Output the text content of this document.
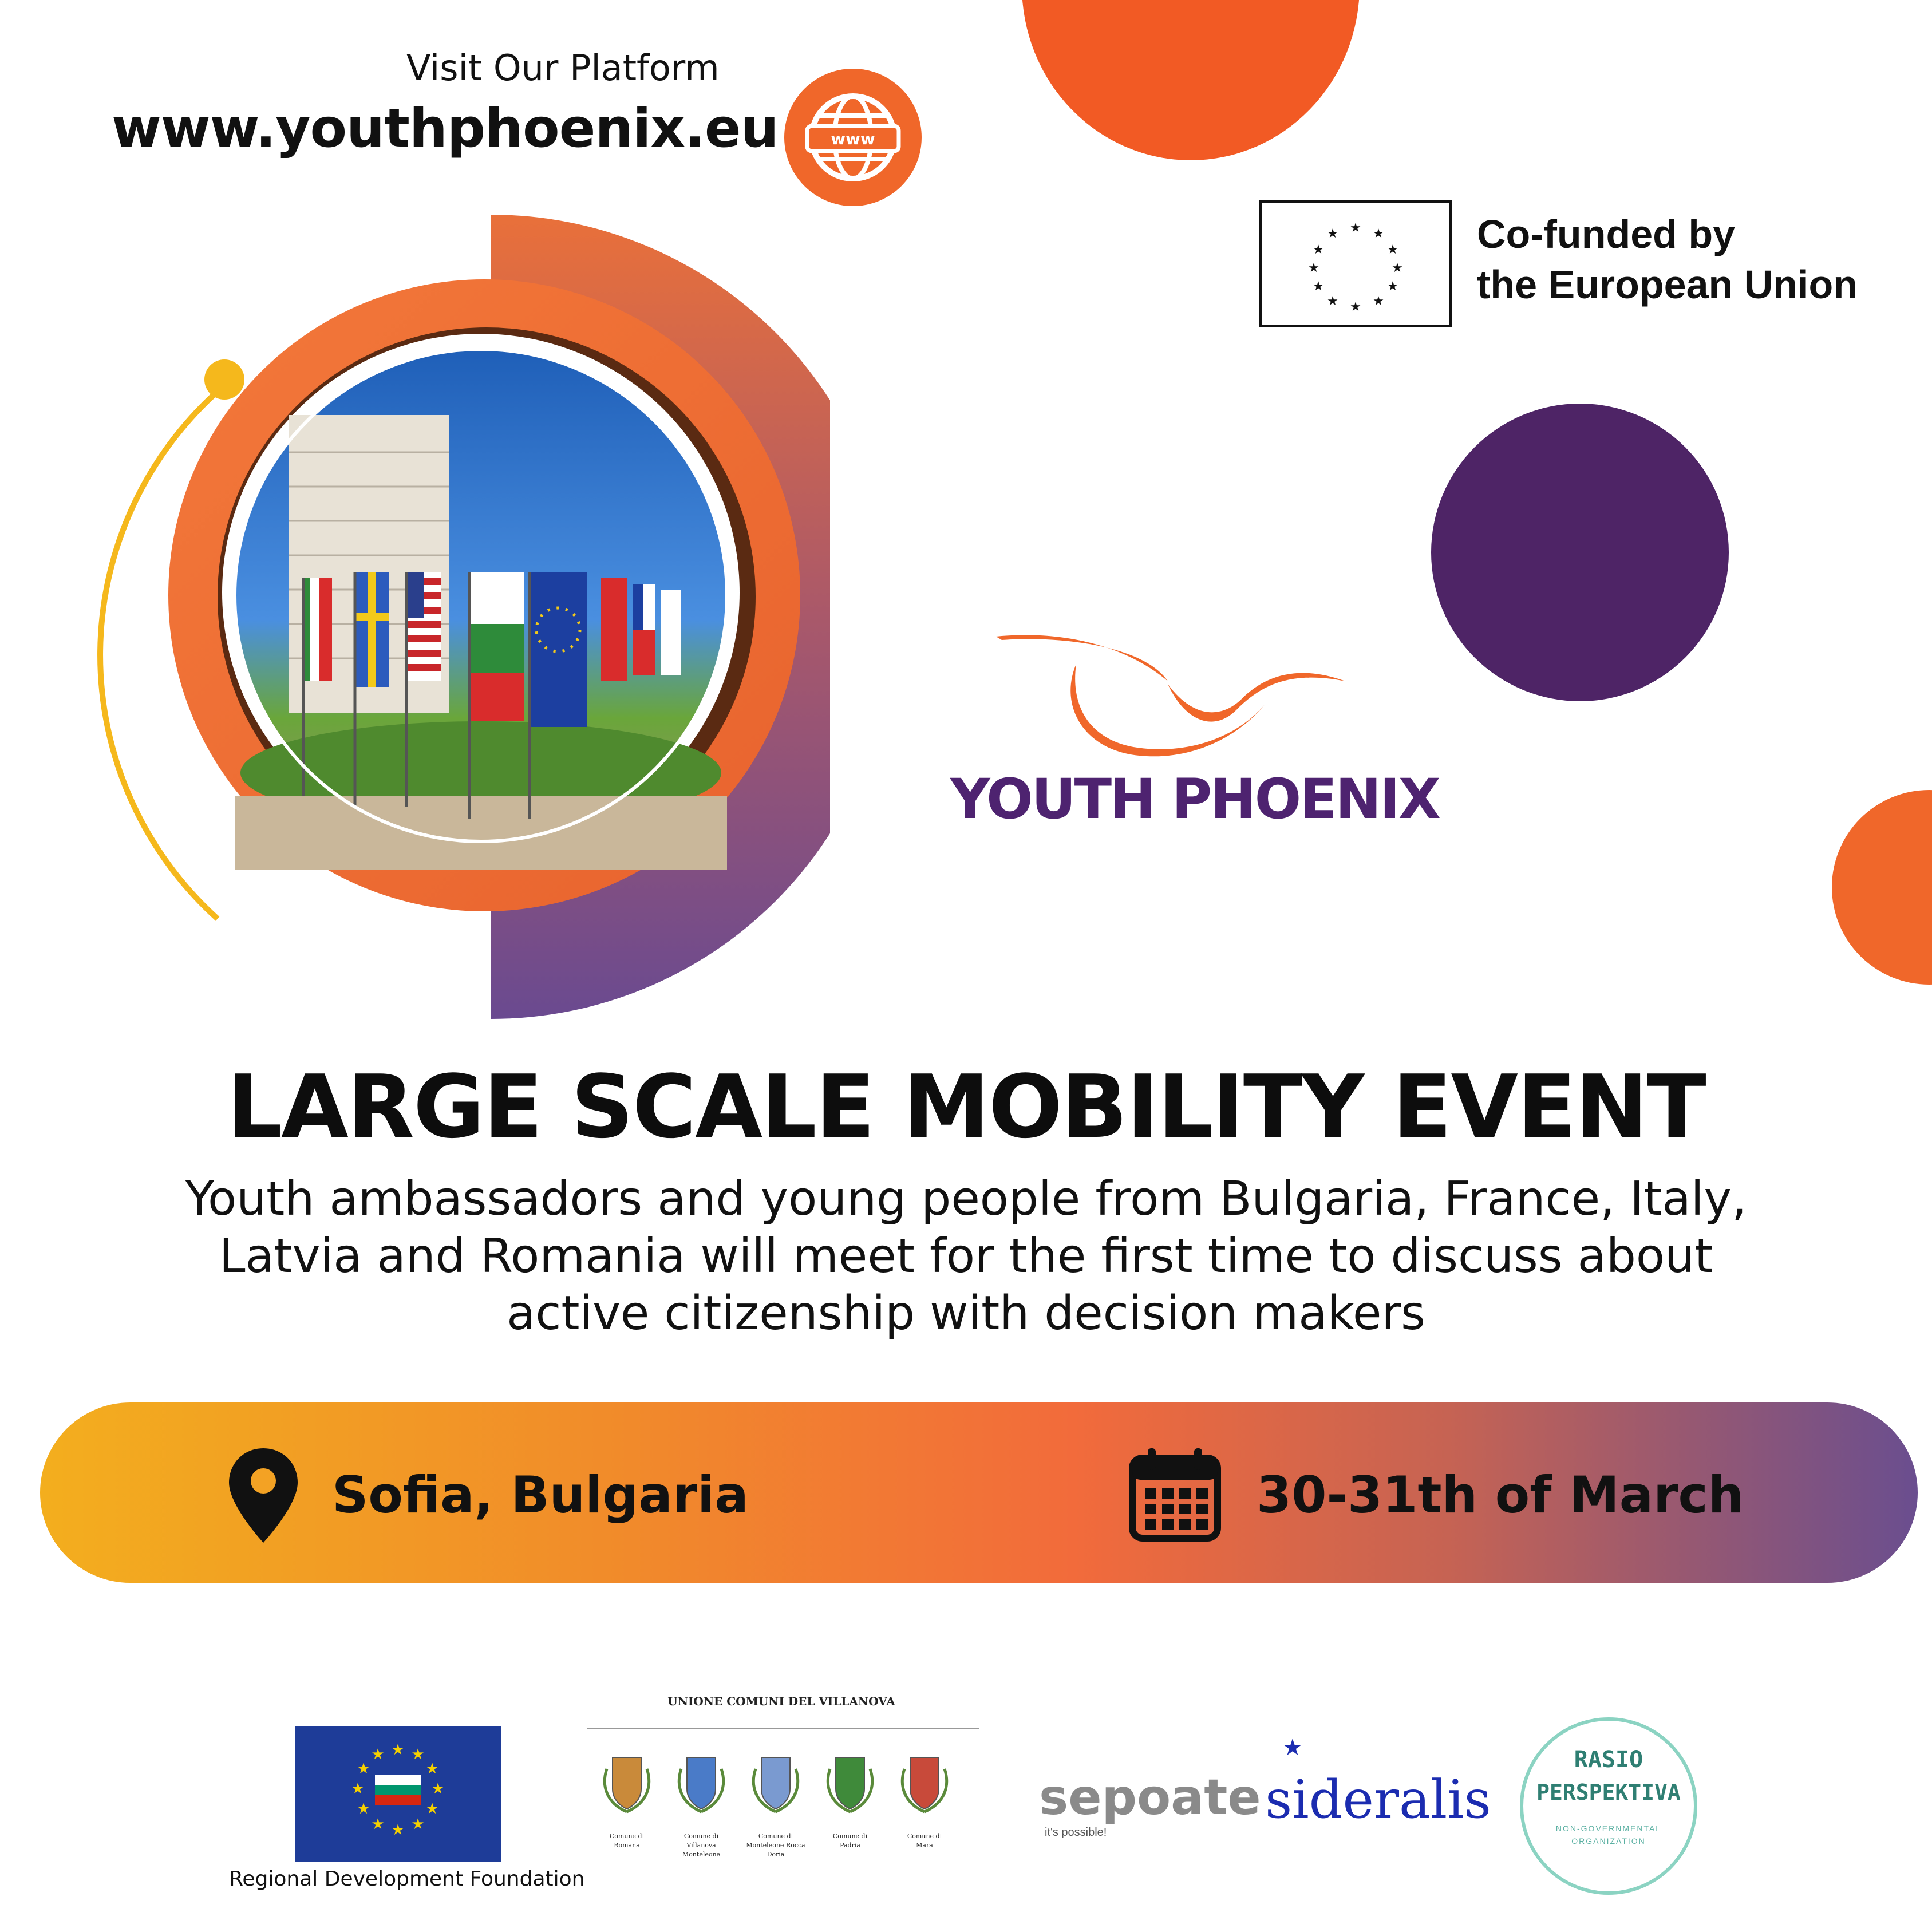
Visit Our Platform
www.youthphoenix.eu	www
★ ★
★
★
★
★
★
★
★
★
★
★	Co-funded by
the European Union
YOUTH PHOENIX
LARGE SCALE MOBILITY EVENT
Youth ambassadors and young people from Bulgaria, France, Italy,
Latvia and Romania will meet for the first time to discuss about
active citizenship with decision makers
Sofia, Bulgaria	30-31th of March
★ ★
★
★
★
★
★
★
★
★
★
★
Regional Development Foundation
UNIONE COMUNI DEL VILLANOVA
Comune di
Romana
Comune di
Villanova Monteleone
Comune di
Monteleone Rocca Doria
Comune di
Padria
Comune di
Mara
sepoate
it's possible!
★
sideralis
RASIO
PERSPEKTIVA
NON-GOVERNMENTAL
ORGANIZATION
